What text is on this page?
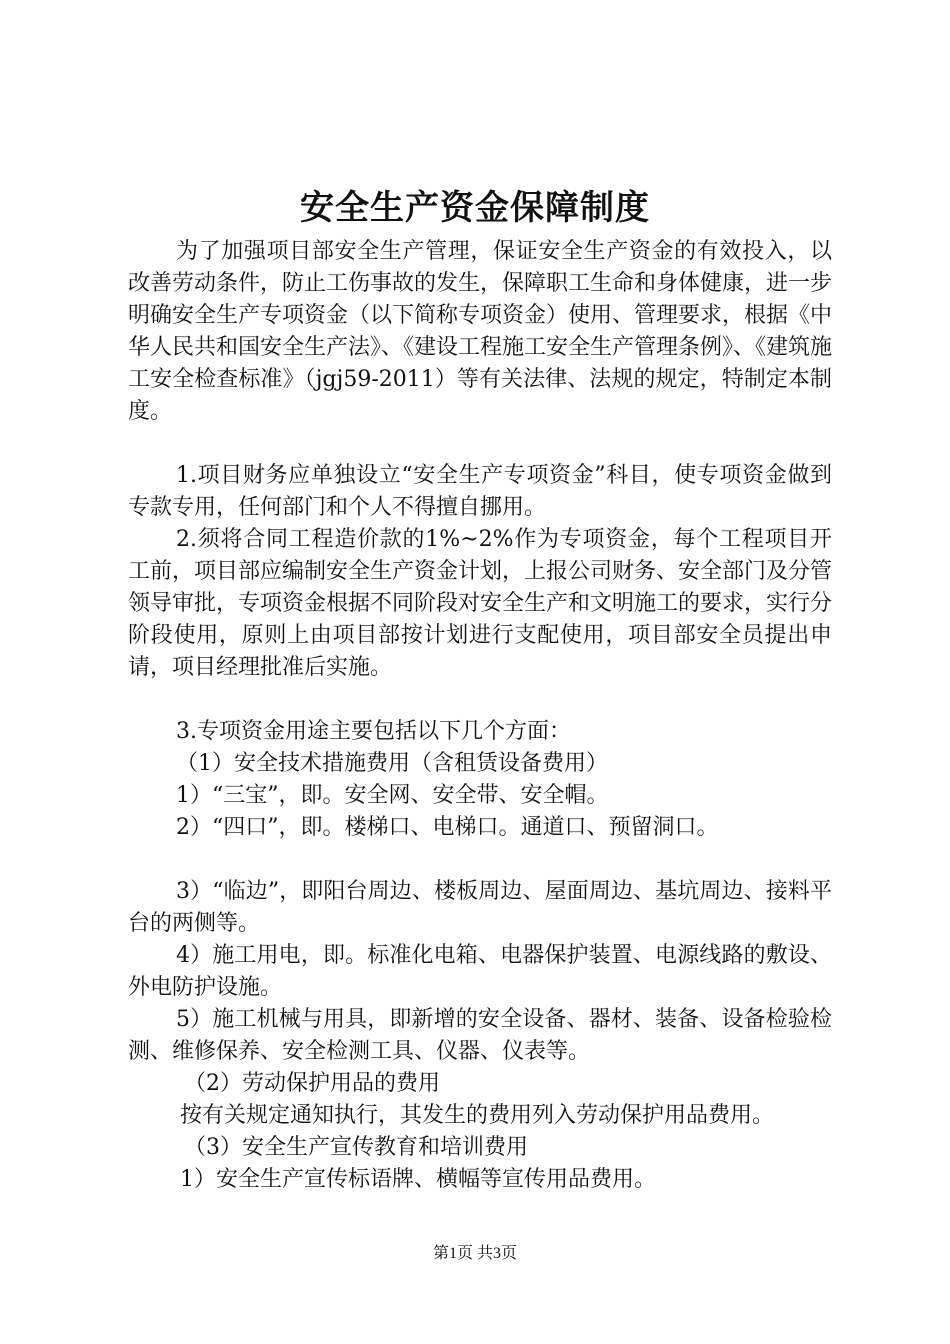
安全生产资金保障制度

为了加强项目部安全生产管理，保证安全生产资金的有效投入，以改善劳动条件，防止工伤事故的发生，保障职工生命和身体健康，进一步明确安全生产专项资金（以下简称专项资金）使用、管理要求，根据《中华人民共和国安全生产法》、《建设工程施工安全生产管理条例》、《建筑施工安全检查标准》（jgj59-2011）等有关法律、法规的规定，特制定本制度。

1.项目财务应单独设立“安全生产专项资金”科目，使专项资金做到专款专用，任何部门和个人不得擅自挪用。

2.须将合同工程造价款的1%~2%作为专项资金，每个工程项目开工前，项目部应编制安全生产资金计划，上报公司财务、安全部门及分管领导审批，专项资金根据不同阶段对安全生产和文明施工的要求，实行分阶段使用，原则上由项目部按计划进行支配使用，项目部安全员提出申请，项目经理批准后实施。

3.专项资金用途主要包括以下几个方面：

（1）安全技术措施费用（含租赁设备费用）

1）“三宝”，即。安全网、安全带、安全帽。

2）“四口”，即。楼梯口、电梯口。通道口、预留洞口。

3）“临边”，即阳台周边、楼板周边、屋面周边、基坑周边、接料平台的两侧等。

4）施工用电，即。标准化电箱、电器保护装置、电源线路的敷设、外电防护设施。

5）施工机械与用具，即新增的安全设备、器材、装备、设备检验检测、维修保养、安全检测工具、仪器、仪表等。

（2）劳动保护用品的费用

按有关规定通知执行，其发生的费用列入劳动保护用品费用。

（3）安全生产宣传教育和培训费用

1）安全生产宣传标语牌、横幅等宣传用品费用。

第1页 共3页
